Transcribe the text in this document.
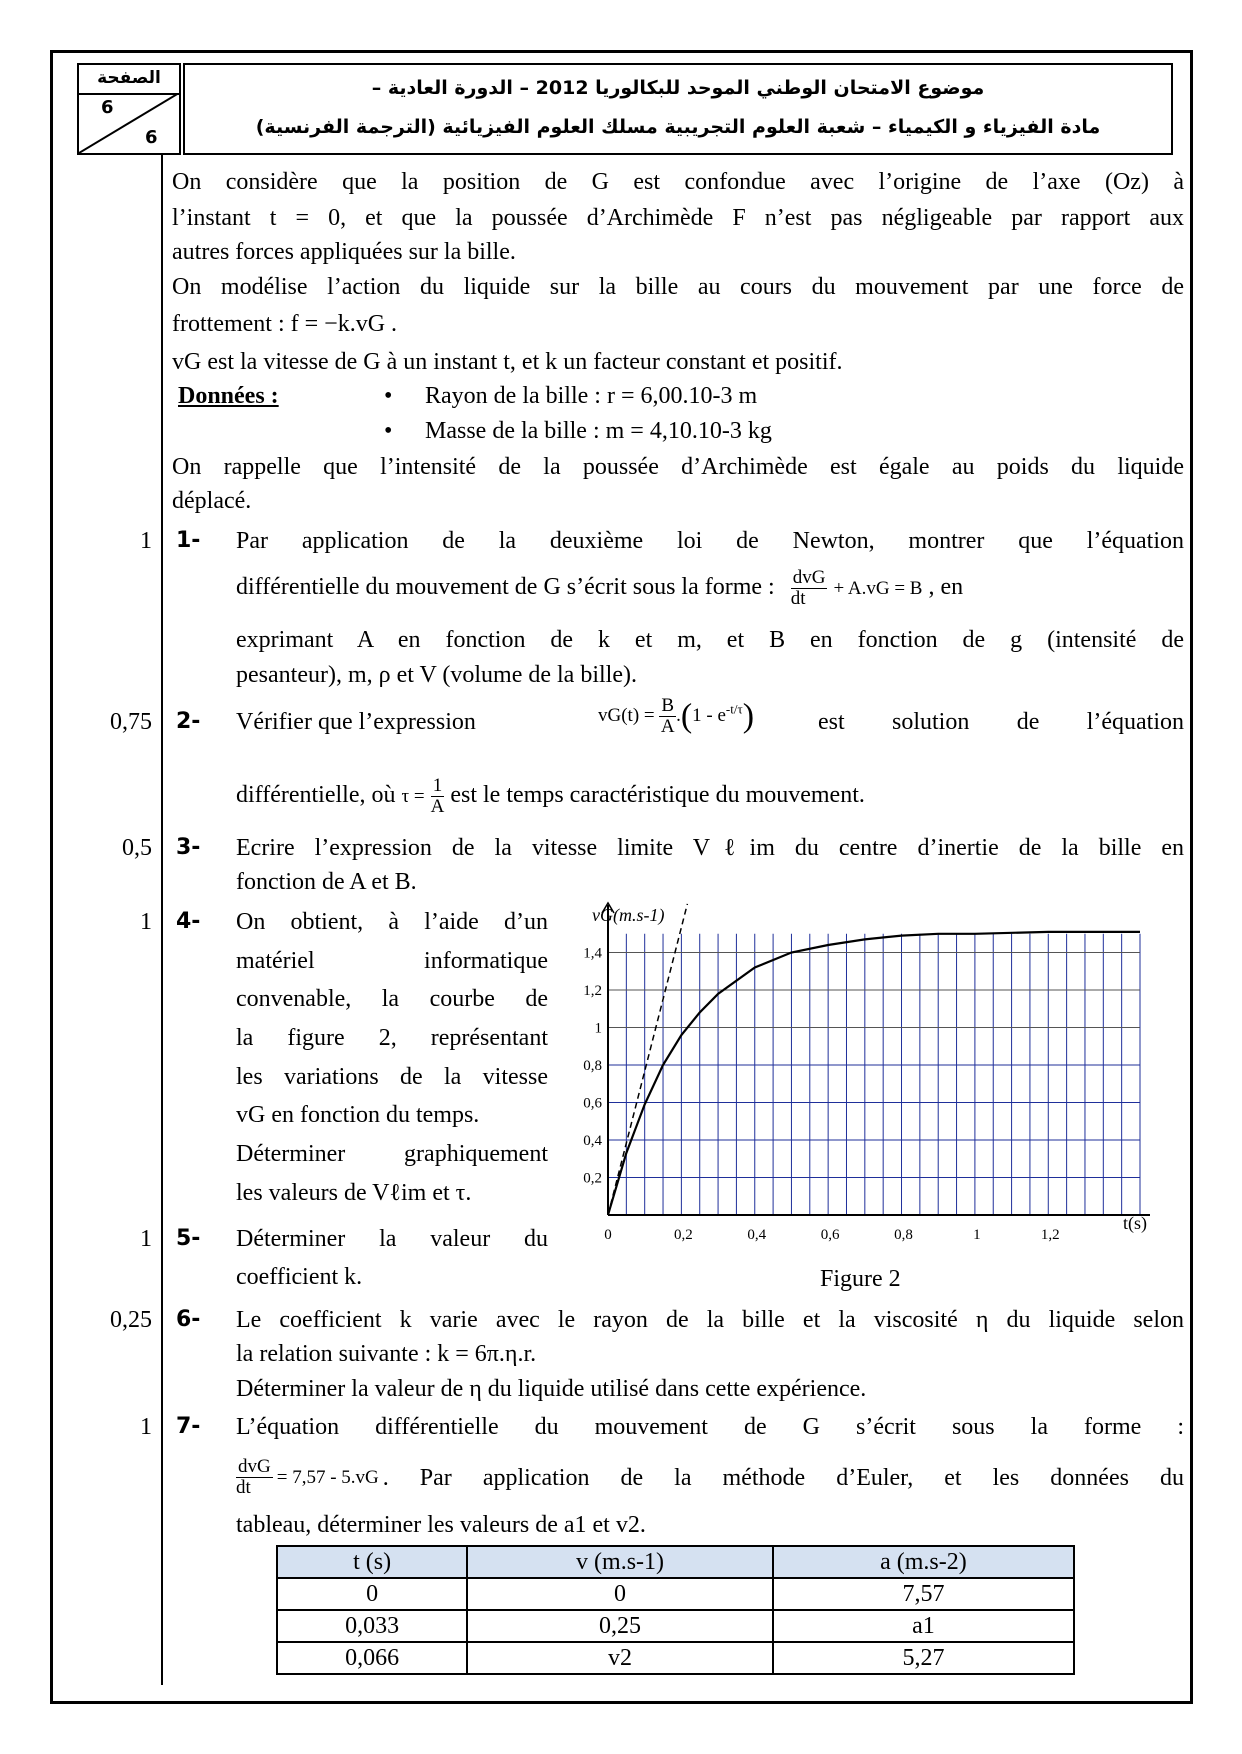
الصفحة
6
6
موضوع الامتحان الوطني الموحد للبكالوريا 2012 – الدورة العادية –
مادة الفيزياء و الكيمياء – شعبة العلوم التجريبية مسلك العلوم الفيزيائية (الترجمة الفرنسية)
On considère que la position de G est confondue avec l’origine de l’axe (Oz) à
l’instant t = 0, et que la poussée d’Archimède F n’est pas négligeable par rapport aux
autres forces appliquées sur la bille.
On modélise l’action du liquide sur la bille au cours du mouvement par une force de
frottement : f = −k.vG .
vG est la vitesse de G à un instant t, et k un facteur constant et positif.
Données :	• Rayon de la bille : r = 6,00.10-3 m
• Masse de la bille : m = 4,10.10-3 kg
On rappelle que l’intensité de la poussée d’Archimède est égale au poids du liquide
déplacé.
1 1- Par application de la deuxième loi de Newton, montrer que l’équation
différentielle du mouvement de G s’écrit sous la forme : $\frac{\text{dvG}}{dt} + A.vG = B$ , en
exprimant A en fonction de k et m, et B en fonction de g (intensité de
pesanteur), m, ρ et V (volume de la bille).
0,75 2- Vérifier que l’expression	$vG(t) = \frac{B}{A} .(1 - e^{-t/\tau})$	est solution de l’équation
différentielle, où $\tau = \frac{1}{A}$ est le temps caractéristique du mouvement.
0,5 3- Ecrire l’expression de la vitesse limite Vℓim du centre d’inertie de la bille en
fonction de A et B.
1 4- On obtient, à l’aide d’un
matériel informatique
convenable, la courbe de
la figure 2, représentant
les variations de la vitesse
vG en fonction du temps.
Déterminer graphiquement
les valeurs de Vℓim et τ.
1 5- Déterminer la valeur du
coefficient k.
0,2
0,4
0,6
0,8
1
1,2
1,4
0	0,2	0,4	0,6	0,8	1	1,2
vG(m.s-1)
t(s)
Figure 2
0,25 6- Le coefficient k varie avec le rayon de la bille et la viscosité η du liquide selon
la relation suivante : k = 6π.η.r.
Déterminer la valeur de η du liquide utilisé dans cette expérience.
1 7- L’équation différentielle du mouvement de G s’écrit sous la forme :
$\frac{\text{dvG}}{dt} = 7,57 - 5.vG$ . Par application de la méthode d’Euler, et les données du
tableau, déterminer les valeurs de a1 et v2.
t (s)	v (m.s-1)	a (m.s-2)
0	0	7,57
0,033	0,25	a1
0,066	v2	5,27
